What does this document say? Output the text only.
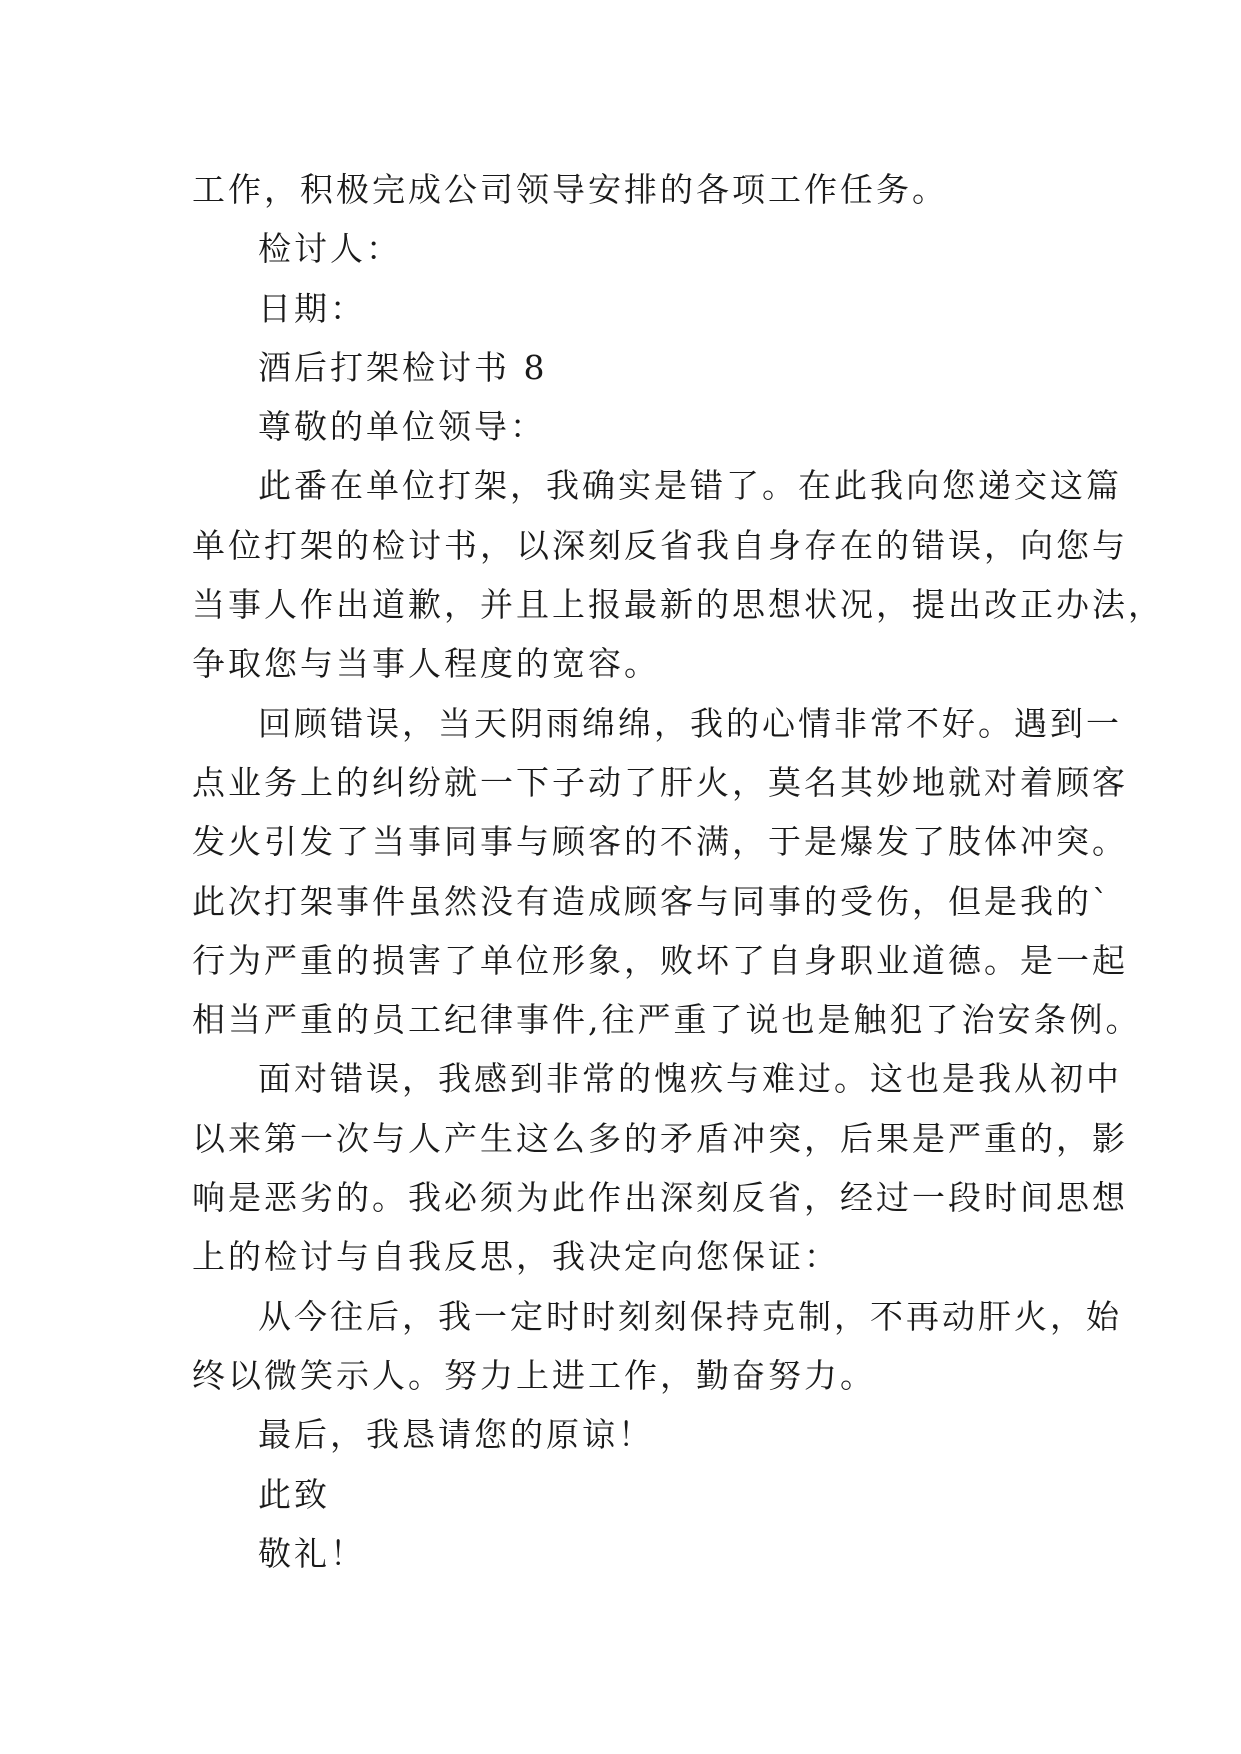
工作，积极完成公司领导安排的各项工作任务。
检讨人：
日期：
酒后打架检讨书 8
尊敬的单位领导：
此番在单位打架，我确实是错了。在此我向您递交这篇
单位打架的检讨书，以深刻反省我自身存在的错误，向您与
当事人作出道歉，并且上报最新的思想状况，提出改正办法，
争取您与当事人程度的宽容。
回顾错误，当天阴雨绵绵，我的心情非常不好。遇到一
点业务上的纠纷就一下子动了肝火，莫名其妙地就对着顾客
发火引发了当事同事与顾客的不满，于是爆发了肢体冲突。
此次打架事件虽然没有造成顾客与同事的受伤，但是我的`
行为严重的损害了单位形象，败坏了自身职业道德。是一起
相当严重的员工纪律事件,往严重了说也是触犯了治安条例。
面对错误，我感到非常的愧疚与难过。这也是我从初中
以来第一次与人产生这么多的矛盾冲突，后果是严重的，影
响是恶劣的。我必须为此作出深刻反省，经过一段时间思想
上的检讨与自我反思，我决定向您保证：
从今往后，我一定时时刻刻保持克制，不再动肝火，始
终以微笑示人。努力上进工作，勤奋努力。
最后，我恳请您的原谅！
此致
敬礼！
